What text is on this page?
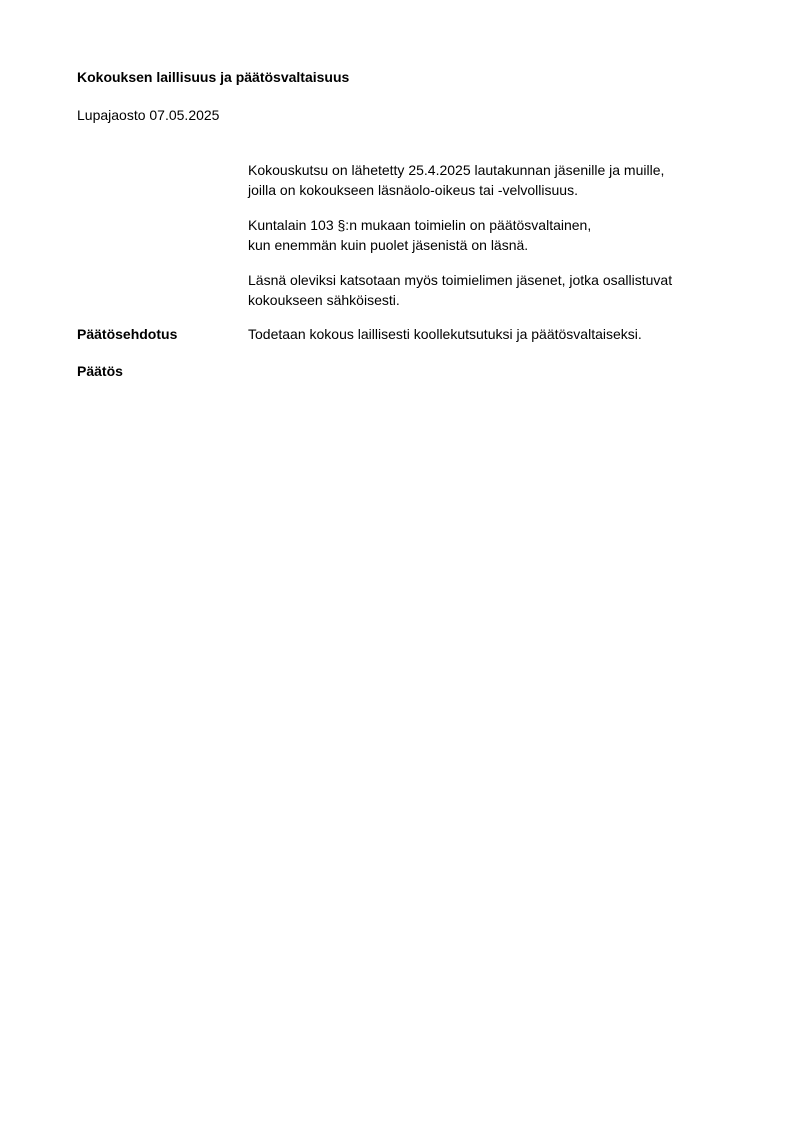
Kokouksen laillisuus ja päätösvaltaisuus
Lupajaosto 07.05.2025
Kokouskutsu on lähetetty 25.4.2025 lautakunnan jäsenille ja muille,
joilla on kokoukseen läsnäolo-oikeus tai -velvollisuus.
Kuntalain 103 §:n mukaan toimielin on päätösvaltainen,
kun enemmän kuin puolet jäsenistä on läsnä.
Läsnä oleviksi katsotaan myös toimielimen jäsenet, jotka osallistuvat
kokoukseen sähköisesti.
Päätösehdotus	Todetaan kokous laillisesti koollekutsutuksi ja päätösvaltaiseksi.
Päätös
